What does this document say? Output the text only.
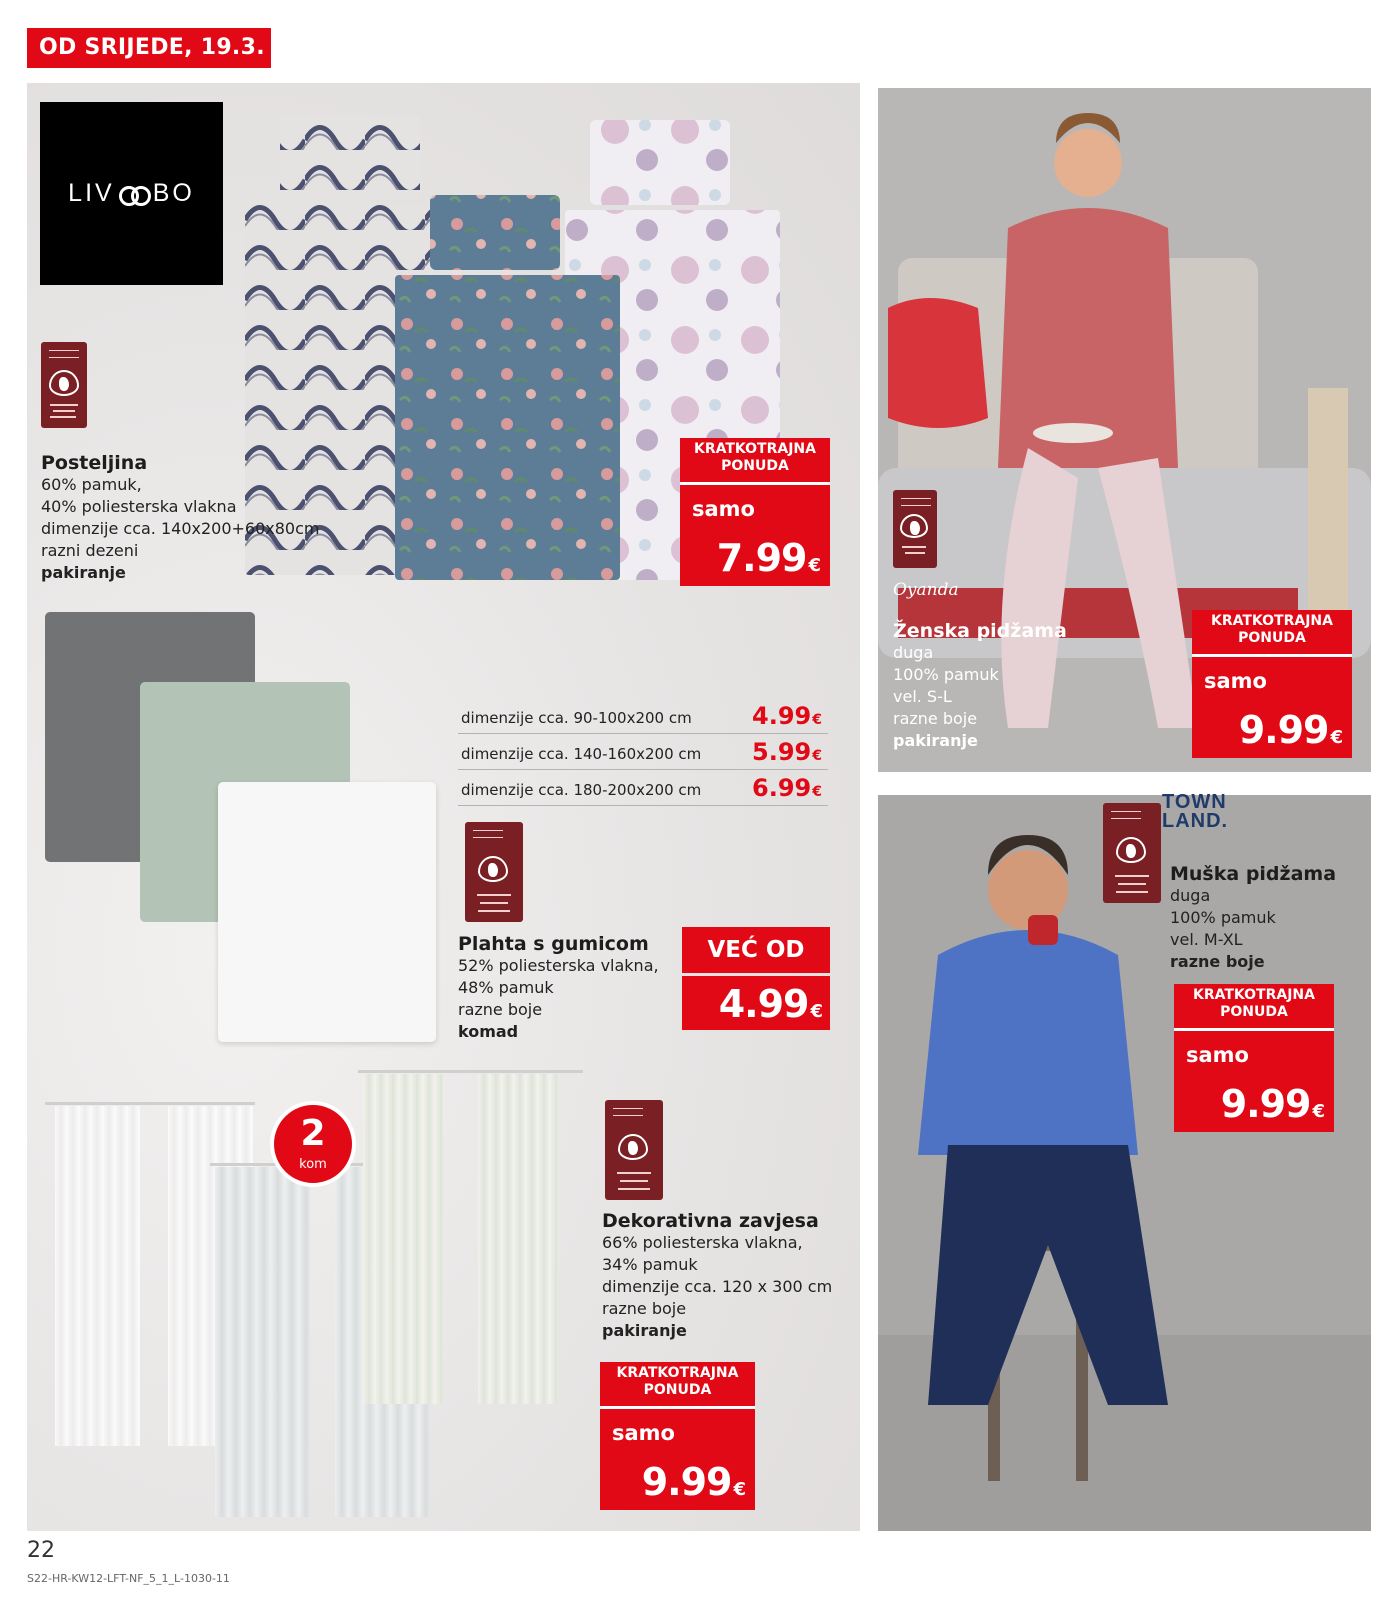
OD SRIJEDE, 19.3.
LIV BO
Posteljina
60% pamuk,
40% poliesterska vlakna
dimenzije cca. 140x200+60x80cm
razni dezeni
pakiranje
KRATKOTRAJNA
PONUDA
samo
7.99 €
dimenzije cca. 90-100x200 cm	4.99€
dimenzije cca. 140-160x200 cm 5.99€
dimenzije cca. 180-200x200 cm 6.99€
Plahta s gumicom
52% poliesterska vlakna,
48% pamuk
razne boje
komad
VEĆ OD
4.99 €
2
kom
Dekorativna zavjesa
66% poliesterska vlakna,
34% pamuk
dimenzije cca. 120 x 300 cm
razne boje
pakiranje
KRATKOTRAJNA
PONUDA
samo
9.99 €
Oyanda
Ženska pidžama
duga
100% pamuk
vel. S-L
razne boje
pakiranje
KRATKOTRAJNA
PONUDA
samo
9.99 €
TOWN
LAND.
Muška pidžama
duga
100% pamuk
vel. M-XL
razne boje
KRATKOTRAJNA
PONUDA
samo
9.99 €
22
S22-HR-KW12-LFT-NF_5_1_L-1030-11
